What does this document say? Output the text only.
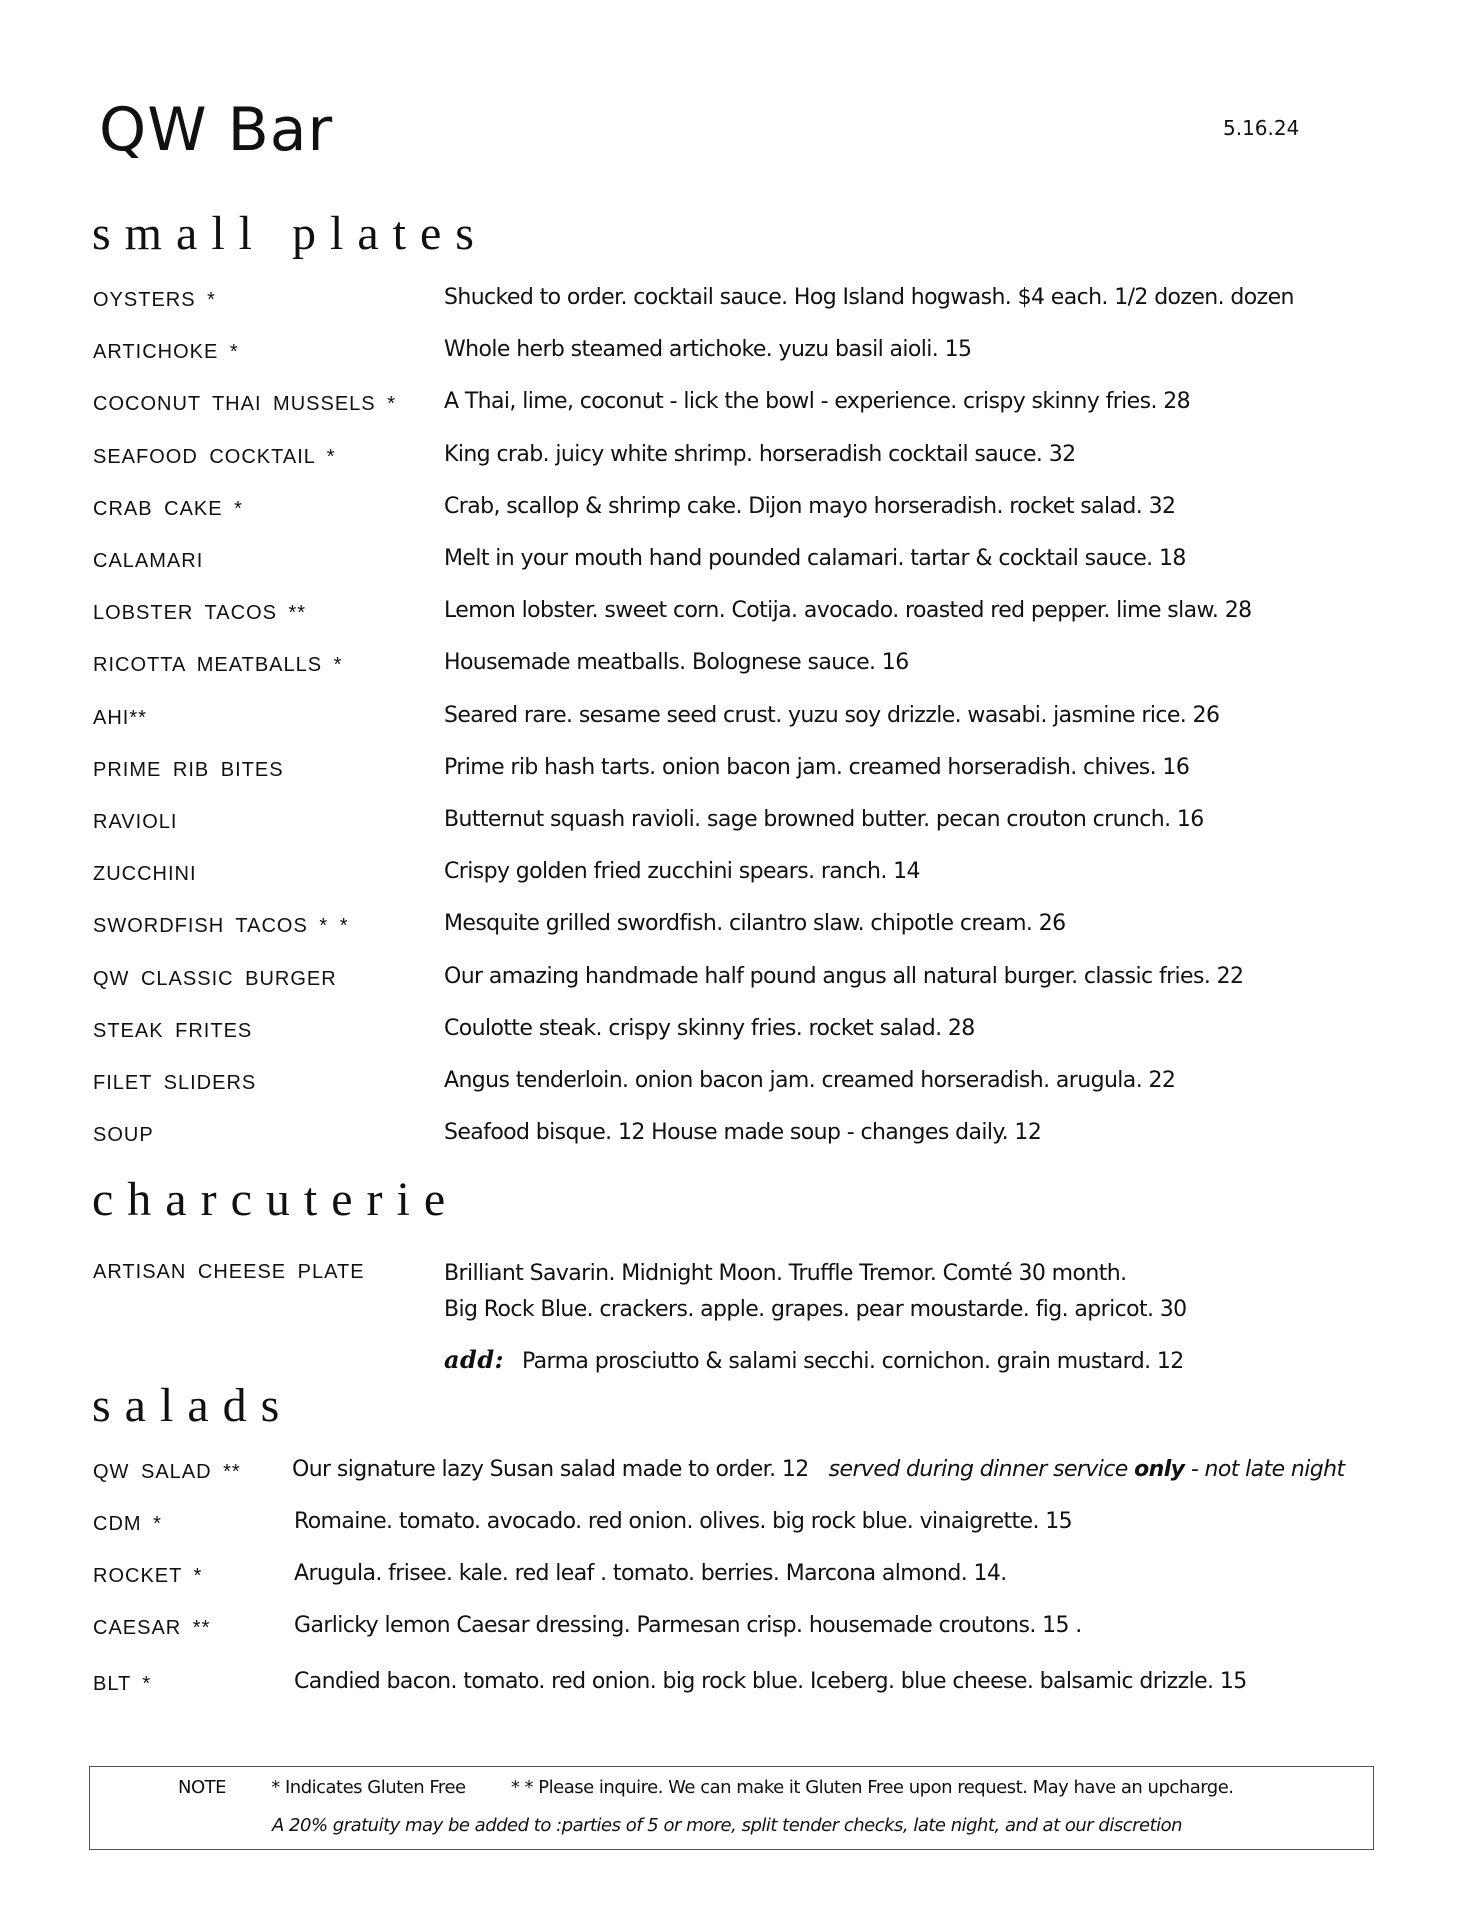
QW Bar	5.16.24
small plates
OYSTERS *	Shucked to order. cocktail sauce. Hog Island hogwash. $4 each. 1/2 dozen. dozen
ARTICHOKE *	Whole herb steamed artichoke. yuzu basil aioli. 15
COCONUT THAI MUSSELS * A Thai, lime, coconut - lick the bowl - experience. crispy skinny fries. 28
SEAFOOD COCKTAIL *	King crab. juicy white shrimp. horseradish cocktail sauce. 32
CRAB CAKE *	Crab, scallop & shrimp cake. Dijon mayo horseradish. rocket salad. 32
CALAMARI	Melt in your mouth hand pounded calamari. tartar & cocktail sauce. 18
LOBSTER TACOS **	Lemon lobster. sweet corn. Cotija. avocado. roasted red pepper. lime slaw. 28
RICOTTA MEATBALLS *	Housemade meatballs. Bolognese sauce. 16
AHI**	Seared rare. sesame seed crust. yuzu soy drizzle. wasabi. jasmine rice. 26
PRIME RIB BITES	Prime rib hash tarts. onion bacon jam. creamed horseradish. chives. 16
RAVIOLI	Butternut squash ravioli. sage browned butter. pecan crouton crunch. 16
ZUCCHINI	Crispy golden fried zucchini spears. ranch. 14
SWORDFISH TACOS * *	Mesquite grilled swordfish. cilantro slaw. chipotle cream. 26
QW CLASSIC BURGER	Our amazing handmade half pound angus all natural burger. classic fries. 22
STEAK FRITES	Coulotte steak. crispy skinny fries. rocket salad. 28
FILET SLIDERS	Angus tenderloin. onion bacon jam. creamed horseradish. arugula. 22
SOUP	Seafood bisque. 12 House made soup - changes daily. 12
charcuterie
ARTISAN CHEESE PLATE	Brilliant Savarin. Midnight Moon. Truffle Tremor. Comté 30 month.
Big Rock Blue. crackers. apple. grapes. pear moustarde. fig. apricot. 30
add: Parma prosciutto & salami secchi. cornichon. grain mustard. 12
salads
QW SALAD ** Our signature lazy Susan salad made to order. 12 served during dinner service only - not late night
CDM *	Romaine. tomato. avocado. red onion. olives. big rock blue. vinaigrette. 15
ROCKET *	Arugula. frisee. kale. red leaf . tomato. berries. Marcona almond. 14.
CAESAR **	Garlicky lemon Caesar dressing. Parmesan crisp. housemade croutons. 15 .
BLT *	Candied bacon. tomato. red onion. big rock blue. Iceberg. blue cheese. balsamic drizzle. 15
NOTE	* Indicates Gluten Free	* * Please inquire. We can make it Gluten Free upon request. May have an upcharge.
A 20% gratuity may be added to :parties of 5 or more, split tender checks, late night, and at our discretion
